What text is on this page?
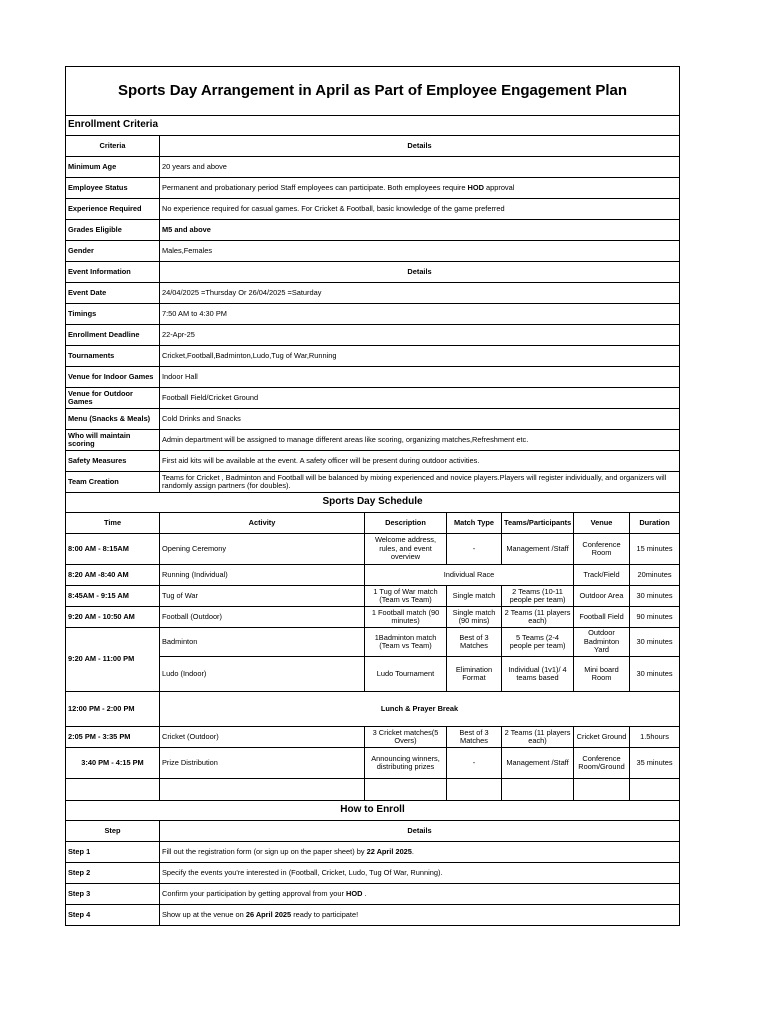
Sports Day Arrangement in April as Part of Employee Engagement Plan						
Enrollment Criteria						
Criteria	Details					
Minimum Age	20 years and above					
Employee Status	Permanent and probationary period Staff employees can participate. Both employees require HOD approval					
Experience Required	No experience required for casual games. For Cricket & Football, basic knowledge of the game preferred					
Grades Eligible	M5 and above					
Gender	Males,Females					
Event Information	Details					
Event Date	24/04/2025 =Thursday Or 26/04/2025 =Saturday					
Timings	7:50 AM to 4:30 PM					
Enrollment Deadline	22-Apr-25					
Tournaments	Cricket,Football,Badminton,Ludo,Tug of War,Running					
Venue for Indoor Games	Indoor Hall					
Venue for Outdoor Games	Football Field/Cricket Ground					
Menu (Snacks & Meals)	Cold Drinks and Snacks					
Who will maintain scoring	Admin department will be assigned to manage different areas like scoring, organizing matches,Refreshment etc.					
Safety Measures	First aid kits will be available at the event. A safety officer will be present during outdoor activities.					
Team Creation	Teams for Cricket , Badminton and Football will be balanced by mixing experienced and novice players.Players will register individually, and organizers will randomly assign partners (for doubles).					
Sports Day Schedule						
Time	Activity	Description	Match Type	Teams/Participants	Venue	Duration
8:00 AM - 8:15AM	Opening Ceremony	Welcome address, rules, and event overview	-	Management /Staff	Conference Room	15 minutes
8:20 AM -8:40 AM	Running (Individual)	Individual Race			Track/Field	20minutes
8:45AM - 9:15 AM	Tug of War	1 Tug of War match (Team vs Team)	Single match	2 Teams (10-11 people per team)	Outdoor Area	30 minutes
9:20 AM - 10:50 AM	Football (Outdoor)	1 Football match (90 minutes)	Single match (90 mins)	2 Teams (11 players each)	Football Field	90 minutes
9:20 AM - 11:00 PM	Badminton	1Badminton match (Team vs Team)	Best of 3 Matches	5 Teams (2-4 people per team)	Outdoor Badminton Yard	30 minutes
	Ludo (Indoor)	Ludo Tournament	Elimination Format	Individual (1v1)/ 4 teams based	Mini board Room	30 minutes
12:00 PM - 2:00 PM	Lunch & Prayer Break					
2:05 PM - 3:35 PM	Cricket (Outdoor)	3 Cricket matches(5 Overs)	Best of 3 Matches	2 Teams (11 players each)	Cricket Ground	1.5hours
3:40 PM - 4:15 PM	Prize Distribution	Announcing winners, distributing prizes	-	Management /Staff	Conference Room/Ground	35 minutes

How to Enroll						
Step	Details					
Step 1	Fill out the registration form (or sign up on the paper sheet) by 22 April 2025.					
Step 2	Specify the events you're interested in (Football, Cricket, Ludo, Tug Of War, Running).					
Step 3	Confirm your participation by getting approval from your HOD .					
Step 4	Show up at the venue on 26 April 2025 ready to participate!					
